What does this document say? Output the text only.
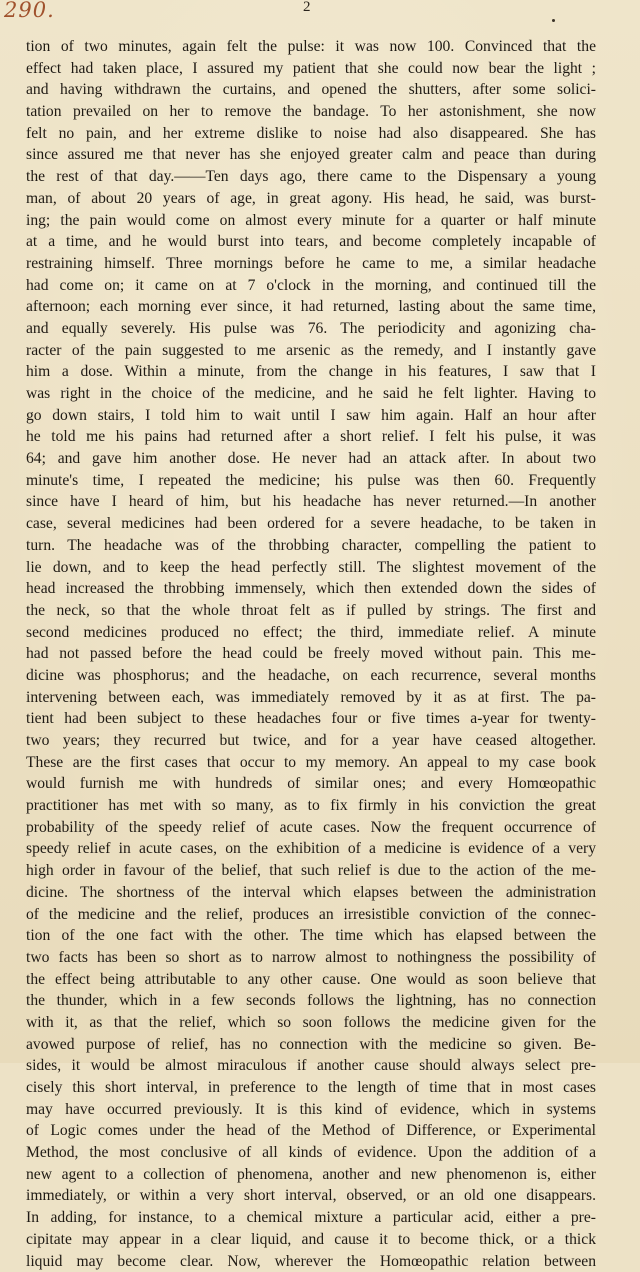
290.	2
tion of two minutes, again felt the pulse: it was now 100. Convinced that the
effect had taken place, I assured my patient that she could now bear the light ;
and having withdrawn the curtains, and opened the shutters, after some solici-
tation prevailed on her to remove the bandage. To her astonishment, she now
felt no pain, and her extreme dislike to noise had also disappeared. She has
since assured me that never has she enjoyed greater calm and peace than during
the rest of that day.——Ten days ago, there came to the Dispensary a young
man, of about 20 years of age, in great agony. His head, he said, was burst-
ing; the pain would come on almost every minute for a quarter or half minute
at a time, and he would burst into tears, and become completely incapable of
restraining himself. Three mornings before he came to me, a similar headache
had come on; it came on at 7 o'clock in the morning, and continued till the
afternoon; each morning ever since, it had returned, lasting about the same time,
and equally severely. His pulse was 76. The periodicity and agonizing cha-
racter of the pain suggested to me arsenic as the remedy, and I instantly gave
him a dose. Within a minute, from the change in his features, I saw that I
was right in the choice of the medicine, and he said he felt lighter. Having to
go down stairs, I told him to wait until I saw him again. Half an hour after
he told me his pains had returned after a short relief. I felt his pulse, it was
64; and gave him another dose. He never had an attack after. In about two
minute's time, I repeated the medicine; his pulse was then 60. Frequently
since have I heard of him, but his headache has never returned.—In another
case, several medicines had been ordered for a severe headache, to be taken in
turn. The headache was of the throbbing character, compelling the patient to
lie down, and to keep the head perfectly still. The slightest movement of the
head increased the throbbing immensely, which then extended down the sides of
the neck, so that the whole throat felt as if pulled by strings. The first and
second medicines produced no effect; the third, immediate relief. A minute
had not passed before the head could be freely moved without pain. This me-
dicine was phosphorus; and the headache, on each recurrence, several months
intervening between each, was immediately removed by it as at first. The pa-
tient had been subject to these headaches four or five times a-year for twenty-
two years; they recurred but twice, and for a year have ceased altogether.
These are the first cases that occur to my memory. An appeal to my case book
would furnish me with hundreds of similar ones; and every Homœopathic
practitioner has met with so many, as to fix firmly in his conviction the great
probability of the speedy relief of acute cases. Now the frequent occurrence of
speedy relief in acute cases, on the exhibition of a medicine is evidence of a very
high order in favour of the belief, that such relief is due to the action of the me-
dicine. The shortness of the interval which elapses between the administration
of the medicine and the relief, produces an irresistible conviction of the connec-
tion of the one fact with the other. The time which has elapsed between the
two facts has been so short as to narrow almost to nothingness the possibility of
the effect being attributable to any other cause. One would as soon believe that
the thunder, which in a few seconds follows the lightning, has no connection
with it, as that the relief, which so soon follows the medicine given for the
avowed purpose of relief, has no connection with the medicine so given. Be-
sides, it would be almost miraculous if another cause should always select pre-
cisely this short interval, in preference to the length of time that in most cases
may have occurred previously. It is this kind of evidence, which in systems
of Logic comes under the head of the Method of Difference, or Experimental
Method, the most conclusive of all kinds of evidence. Upon the addition of a
new agent to a collection of phenomena, another and new phenomenon is, either
immediately, or within a very short interval, observed, or an old one disappears.
In adding, for instance, to a chemical mixture a particular acid, either a pre-
cipitate may appear in a clear liquid, and cause it to become thick, or a thick
liquid may become clear. Now, wherever the Homœopathic relation between
